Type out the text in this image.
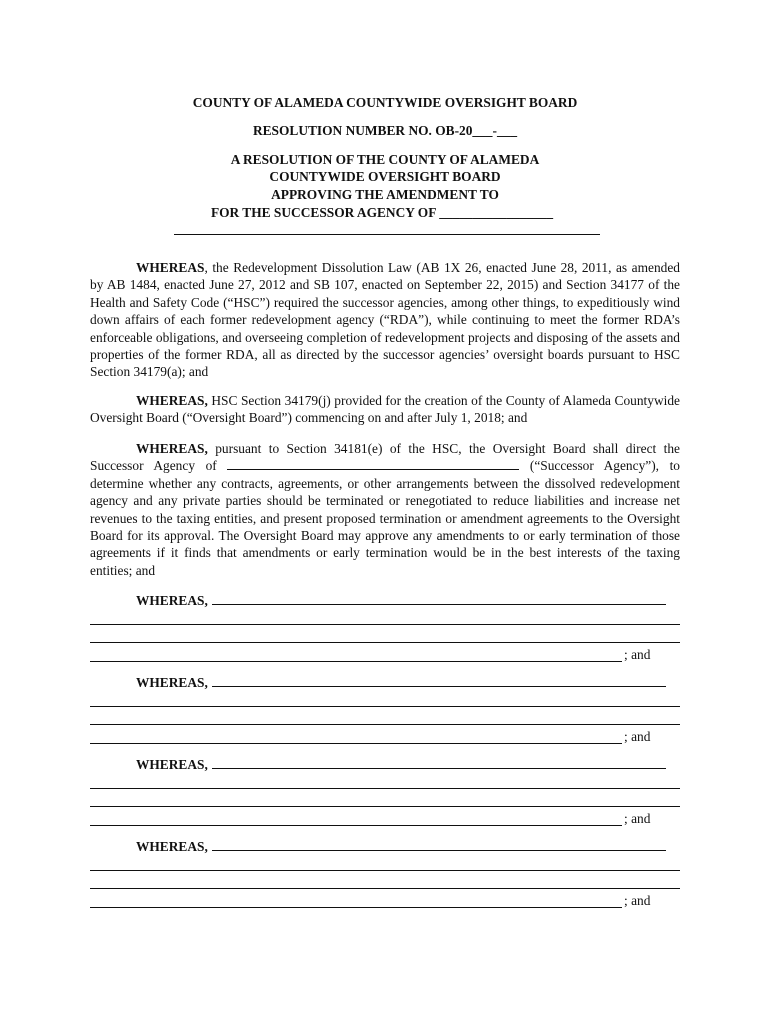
COUNTY OF ALAMEDA COUNTYWIDE OVERSIGHT BOARD
RESOLUTION NUMBER NO. OB-20___-___
A RESOLUTION OF THE COUNTY OF ALAMEDA
COUNTYWIDE OVERSIGHT BOARD
APPROVING THE AMENDMENT TO
FOR THE SUCCESSOR AGENCY OF _________________
WHEREAS, the Redevelopment Dissolution Law (AB 1X 26, enacted June 28, 2011, as amended by AB 1484, enacted June 27, 2012 and SB 107, enacted on September 22, 2015) and Section 34177 of the Health and Safety Code (“HSC”) required the successor agencies, among other things, to expeditiously wind down affairs of each former redevelopment agency (“RDA”), while continuing to meet the former RDA’s enforceable obligations, and overseeing completion of redevelopment projects and disposing of the assets and properties of the former RDA, all as directed by the successor agencies’ oversight boards pursuant to HSC Section 34179(a); and
WHEREAS, HSC Section 34179(j) provided for the creation of the County of Alameda Countywide Oversight Board (“Oversight Board”) commencing on and after July 1, 2018; and
WHEREAS, pursuant to Section 34181(e) of the HSC, the Oversight Board shall direct the Successor Agency of	(“Successor Agency”), to determine whether any contracts, agreements, or other arrangements between the dissolved redevelopment agency and any private parties should be terminated or renegotiated to reduce liabilities and increase net revenues to the taxing entities, and present proposed termination or amendment agreements to the Oversight Board for its approval. The Oversight Board may approve any amendments to or early termination of those agreements if it finds that amendments or early termination would be in the best interests of the taxing entities; and
WHEREAS,
; and
WHEREAS,
; and
WHEREAS,
; and
WHEREAS,
; and
